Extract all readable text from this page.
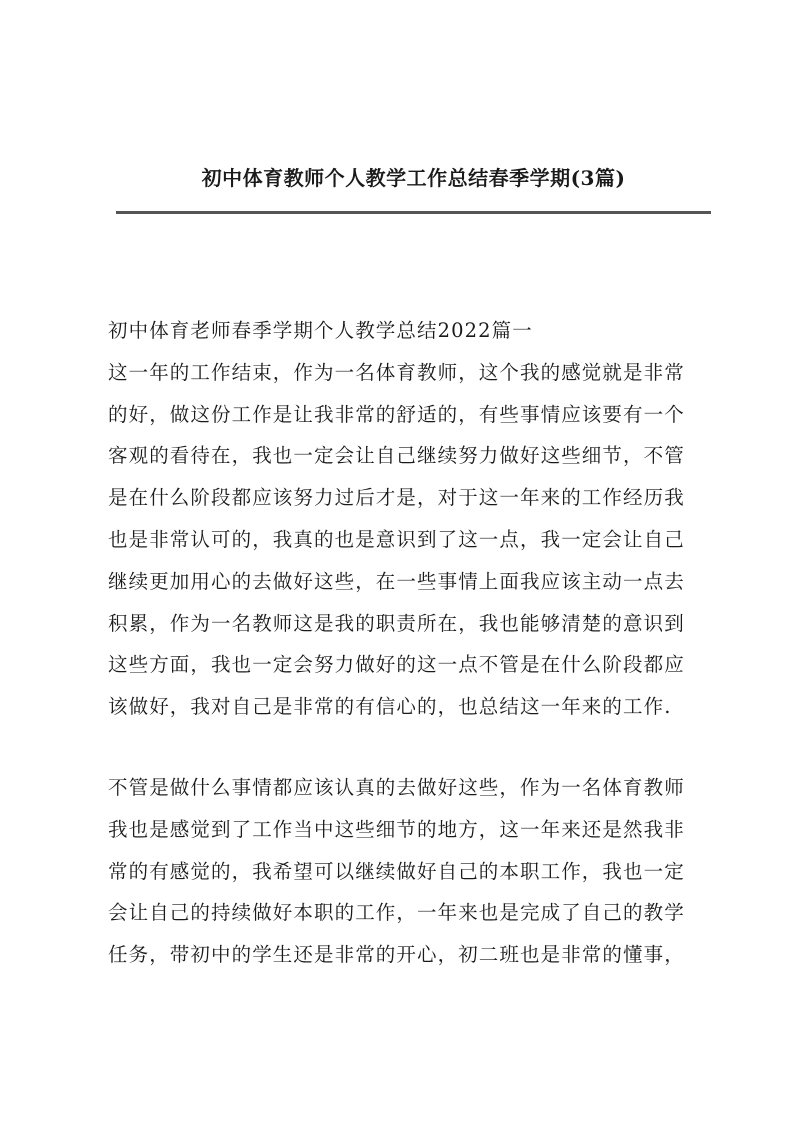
初中体育教师个人教学工作总结春季学期(3篇)
初中体育老师春季学期个人教学总结2022篇一
这一年的工作结束，作为一名体育教师，这个我的感觉就是非常
的好，做这份工作是让我非常的舒适的，有些事情应该要有一个
客观的看待在，我也一定会让自己继续努力做好这些细节，不管
是在什么阶段都应该努力过后才是，对于这一年来的工作经历我
也是非常认可的，我真的也是意识到了这一点，我一定会让自己
继续更加用心的去做好这些，在一些事情上面我应该主动一点去
积累，作为一名教师这是我的职责所在，我也能够清楚的意识到
这些方面，我也一定会努力做好的这一点不管是在什么阶段都应
该做好，我对自己是非常的有信心的，也总结这一年来的工作.
不管是做什么事情都应该认真的去做好这些，作为一名体育教师
我也是感觉到了工作当中这些细节的地方，这一年来还是然我非
常的有感觉的，我希望可以继续做好自己的本职工作，我也一定
会让自己的持续做好本职的工作，一年来也是完成了自己的教学
任务，带初中的学生还是非常的开心，初二班也是非常的懂事，
